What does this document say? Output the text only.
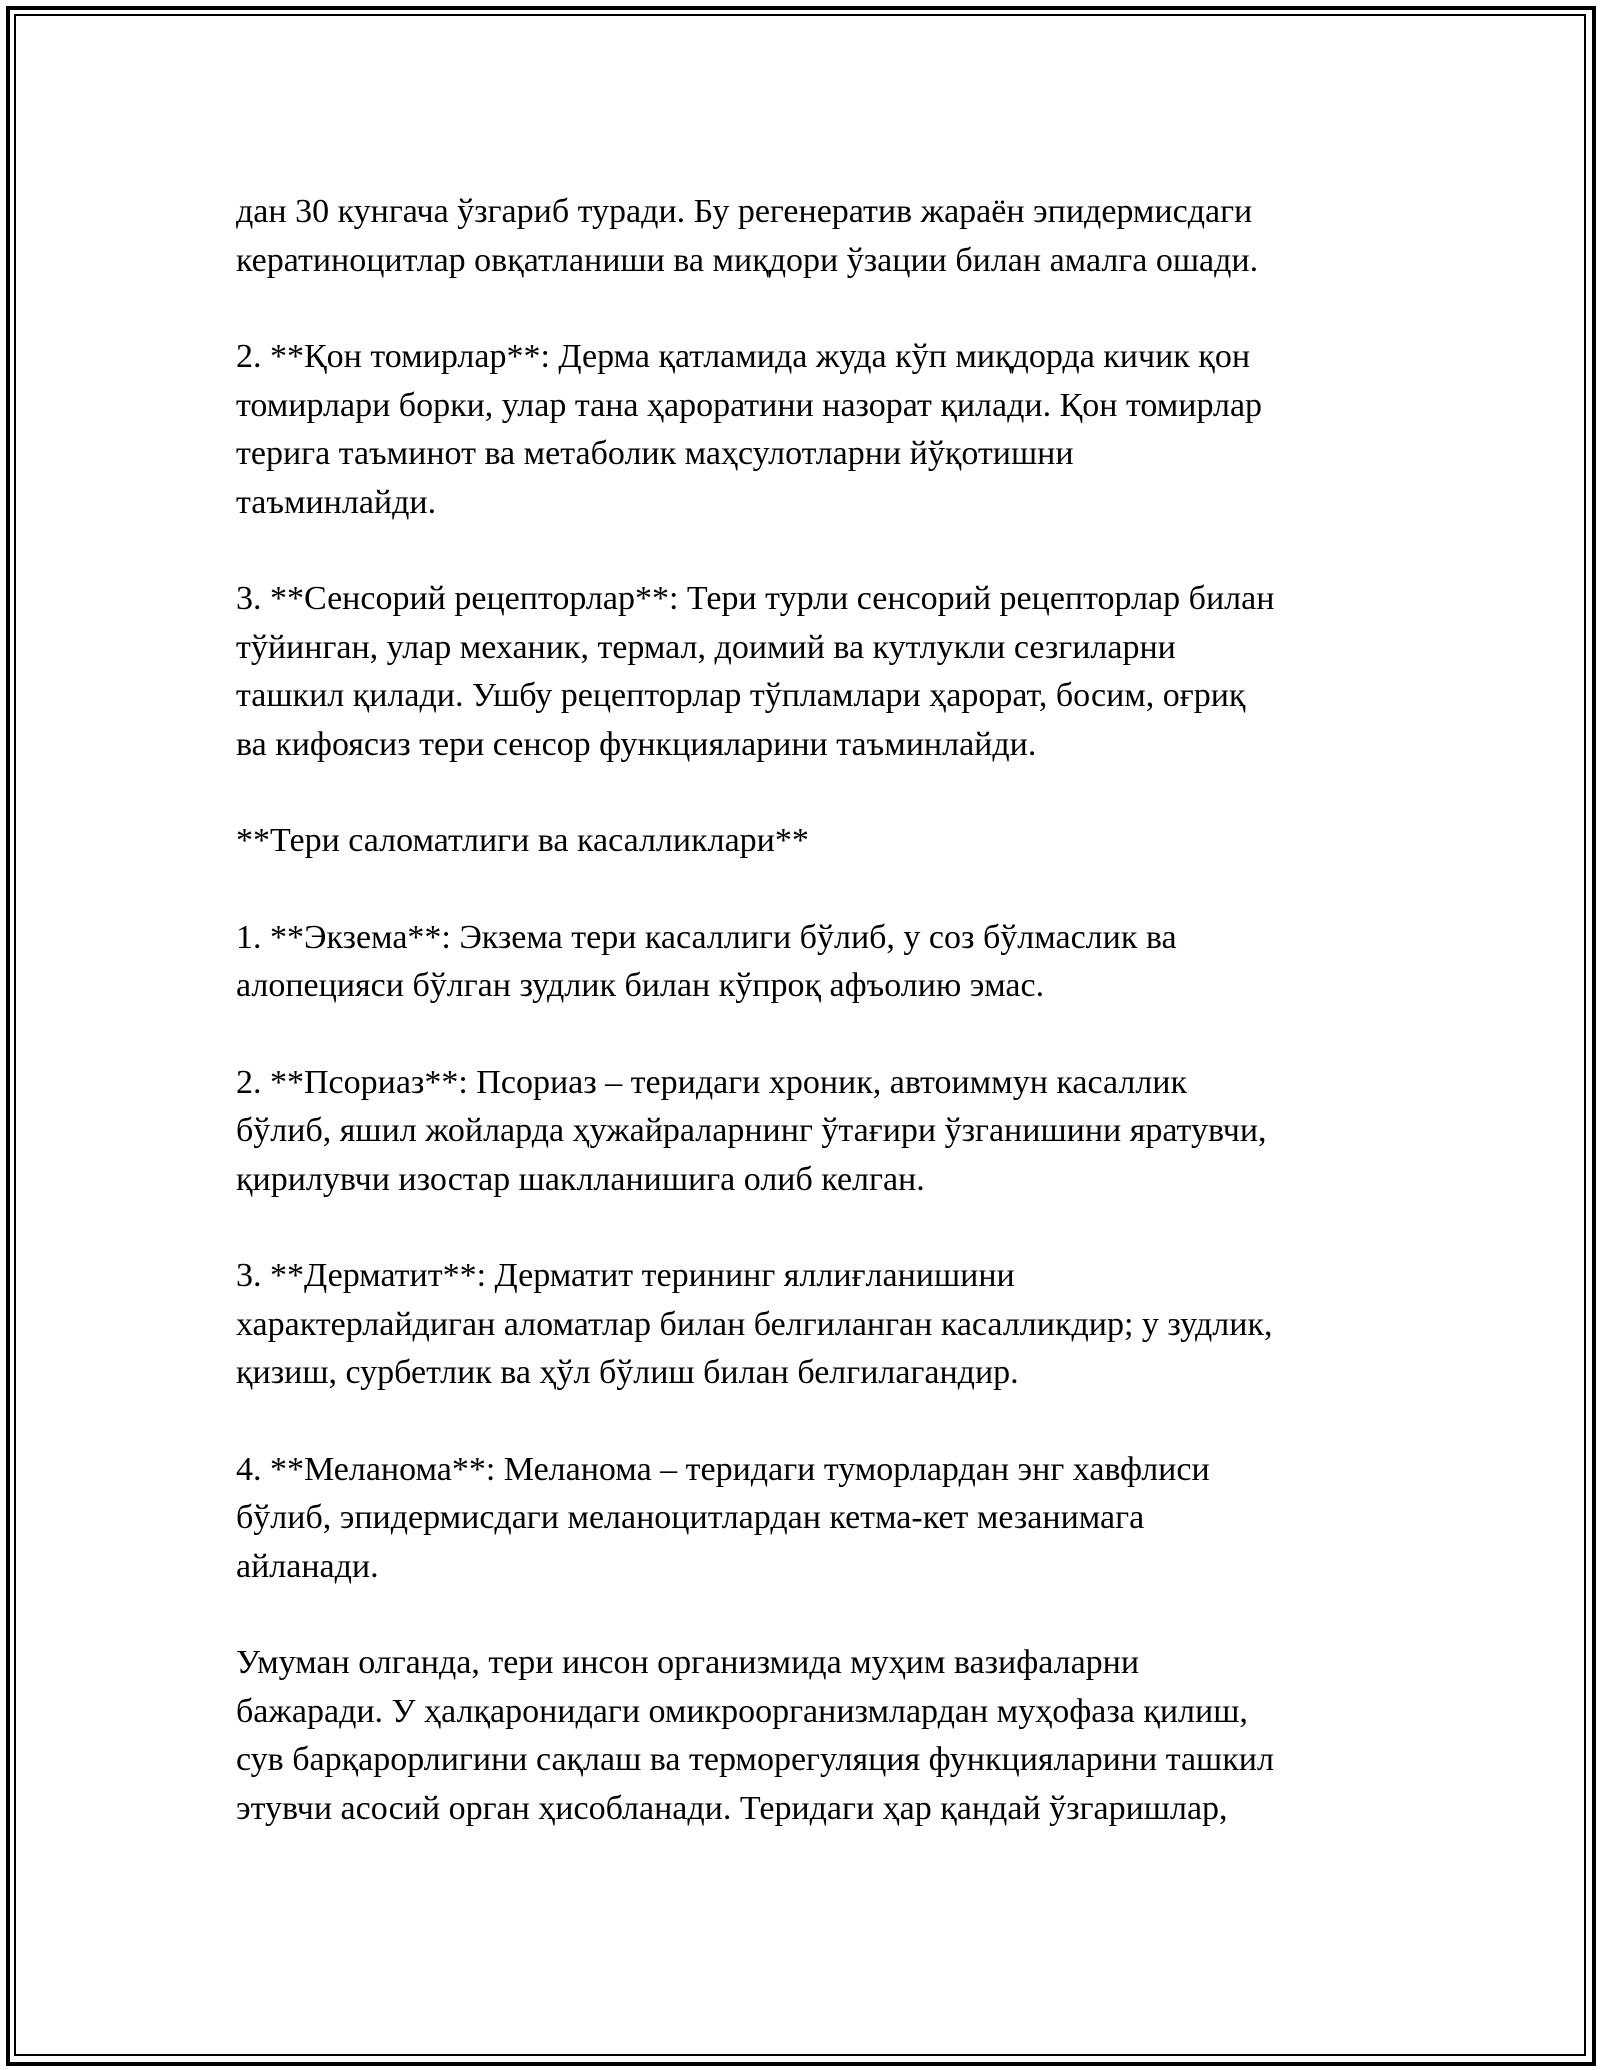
дан 30 кунгача ўзгариб туради. Бу регенератив жараён эпидермисдаги
кератиноцитлар овқатланиши ва миқдори ўзации билан амалга ошади.

2. **Қон томирлар**: Дерма қатламида жуда кўп миқдорда кичик қон
томирлари борки, улар тана ҳароратини назорат қилади. Қон томирлар
терига таъминот ва метаболик маҳсулотларни йўқотишни
таъминлайди.

3. **Сенсорий рецепторлар**: Тери турли сенсорий рецепторлар билан
тўйинган, улар механик, термал, доимий ва кутлукли сезгиларни
ташкил қилади. Ушбу рецепторлар тўпламлари ҳарорат, босим, оғриқ
ва кифоясиз тери сенсор функцияларини таъминлайди.

**Тери саломатлиги ва касалликлари**

1. **Экзема**: Экзема тери касаллиги бўлиб, у соз бўлмаслик ва
алопецияси бўлган зудлик билан кўпроқ афъолию эмас.

2. **Псориаз**: Псориаз – теридаги хроник, автоиммун касаллик
бўлиб, яшил жойларда ҳужайраларнинг ўтағири ўзганишини яратувчи,
қирилувчи изостар шаклланишига олиб келган.

3. **Дерматит**: Дерматит терининг яллиғланишини
характерлайдиган аломатлар билан белгиланган касалликдир; у зудлик,
қизиш, сурбетлик ва ҳўл бўлиш билан белгилагандир.

4. **Меланома**: Меланома – теридаги туморлардан энг хавфлиси
бўлиб, эпидермисдаги меланоцитлардан кетма-кет мезанимага
айланади.

Умуман олганда, тери инсон организмида муҳим вазифаларни
бажаради. У ҳалқаронидаги омикроорганизмлардан муҳофаза қилиш,
сув барқарорлигини сақлаш ва терморегуляция функцияларини ташкил
этувчи асосий орган ҳисобланади. Теридаги ҳар қандай ўзгаришлар,
